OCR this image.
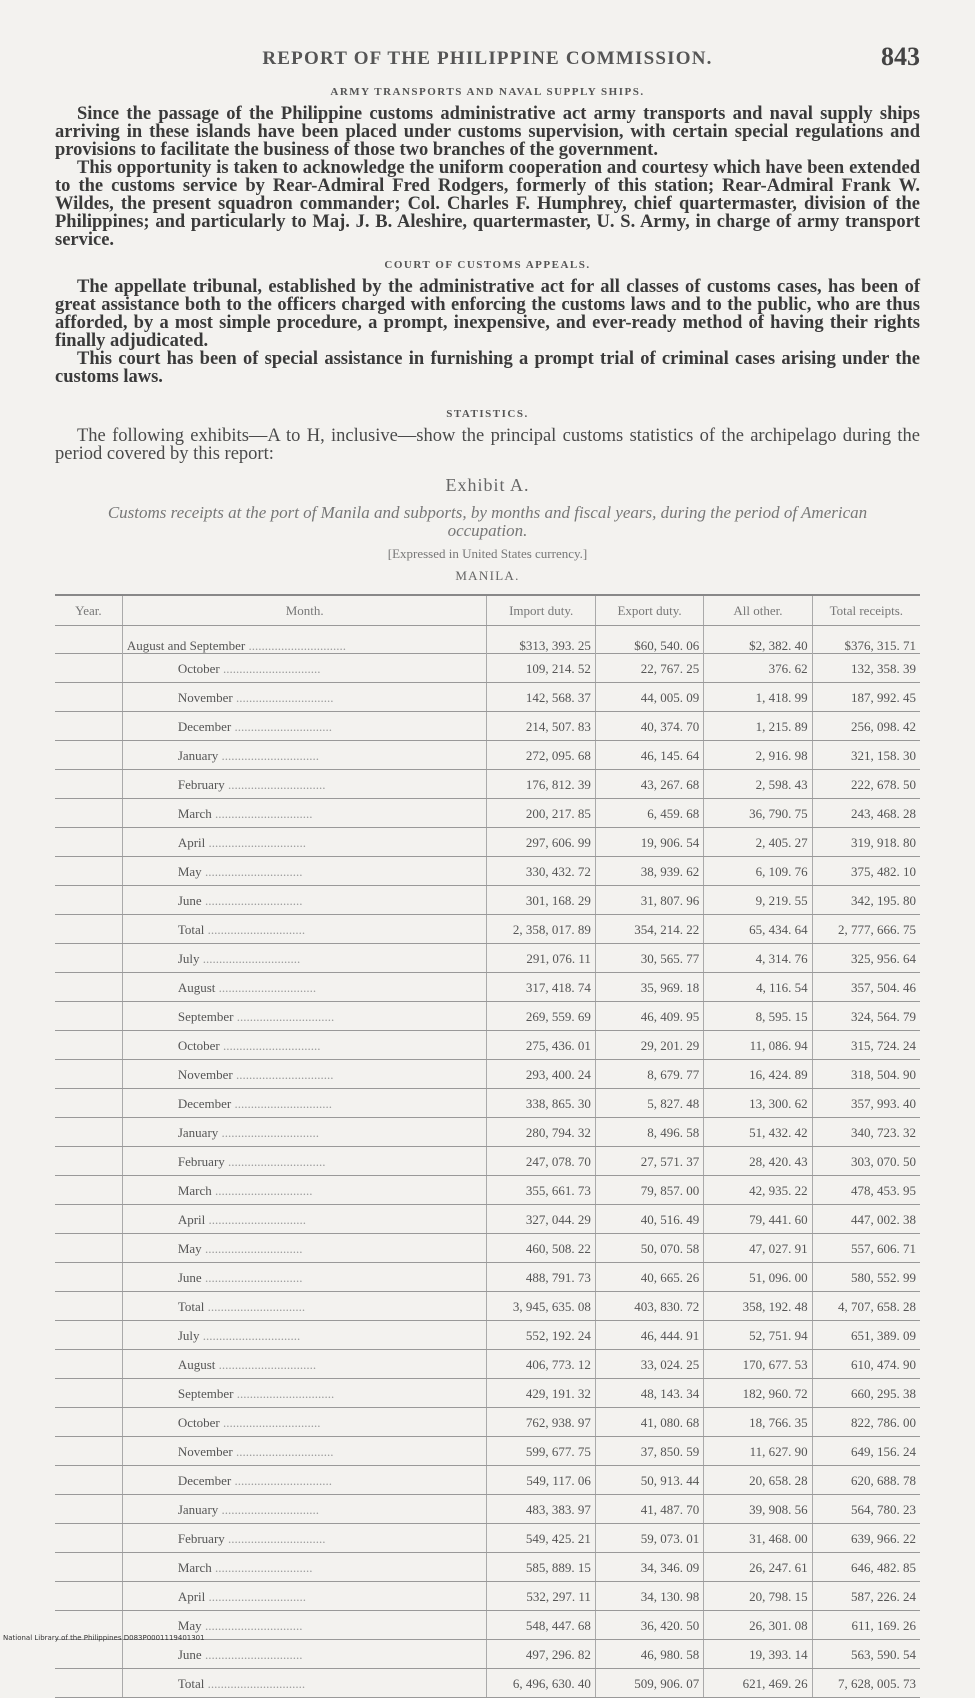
REPORT OF THE PHILIPPINE COMMISSION.	843
ARMY TRANSPORTS AND NAVAL SUPPLY SHIPS.

Since the passage of the Philippine customs administrative act army transports and naval supply ships arriving in these islands have been placed under customs supervision, with certain special regulations and provisions to facilitate the business of those two branches of the government.

This opportunity is taken to acknowledge the uniform cooperation and courtesy which have been extended to the customs service by Rear-Admiral Fred Rodgers, formerly of this station; Rear-Admiral Frank W. Wildes, the present squadron commander; Col. Charles F. Humphrey, chief quartermaster, division of the Philippines; and particularly to Maj. J. B. Aleshire, quartermaster, U. S. Army, in charge of army transport service.

COURT OF CUSTOMS APPEALS.

The appellate tribunal, established by the administrative act for all classes of customs cases, has been of great assistance both to the officers charged with enforcing the customs laws and to the public, who are thus afforded, by a most simple procedure, a prompt, inexpensive, and ever-ready method of having their rights finally adjudicated.

This court has been of special assistance in furnishing a prompt trial of criminal cases arising under the customs laws.

STATISTICS.

The following exhibits—A to H, inclusive—show the principal customs statistics of the archipelago during the period covered by this report:

Exhibit A.
Customs receipts at the port of Manila and subports, by months and fiscal years, during the period of American occupation.
[Expressed in United States currency.]
MANILA.
Year.	Month.	Import duty.	Export duty.	All other.	Total receipts.
	August and September ..............................	$313, 393. 25	$60, 540. 06	$2, 382. 40	$376, 315. 71
	October ..............................	109, 214. 52	22, 767. 25	376. 62	132, 358. 39
	November ..............................	142, 568. 37	44, 005. 09	1, 418. 99	187, 992. 45
	December ..............................	214, 507. 83	40, 374. 70	1, 215. 89	256, 098. 42
	January ..............................	272, 095. 68	46, 145. 64	2, 916. 98	321, 158. 30
	February ..............................	176, 812. 39	43, 267. 68	2, 598. 43	222, 678. 50
	March ..............................	200, 217. 85	6, 459. 68	36, 790. 75	243, 468. 28
	April ..............................	297, 606. 99	19, 906. 54	2, 405. 27	319, 918. 80
	May ..............................	330, 432. 72	38, 939. 62	6, 109. 76	375, 482. 10
	June ..............................	301, 168. 29	31, 807. 96	9, 219. 55	342, 195. 80
	Total ..............................	2, 358, 017. 89	354, 214. 22	65, 434. 64	2, 777, 666. 75
	July ..............................	291, 076. 11	30, 565. 77	4, 314. 76	325, 956. 64
	August ..............................	317, 418. 74	35, 969. 18	4, 116. 54	357, 504. 46
	September ..............................	269, 559. 69	46, 409. 95	8, 595. 15	324, 564. 79
	October ..............................	275, 436. 01	29, 201. 29	11, 086. 94	315, 724. 24
	November ..............................	293, 400. 24	8, 679. 77	16, 424. 89	318, 504. 90
	December ..............................	338, 865. 30	5, 827. 48	13, 300. 62	357, 993. 40
	January ..............................	280, 794. 32	8, 496. 58	51, 432. 42	340, 723. 32
	February ..............................	247, 078. 70	27, 571. 37	28, 420. 43	303, 070. 50
	March ..............................	355, 661. 73	79, 857. 00	42, 935. 22	478, 453. 95
	April ..............................	327, 044. 29	40, 516. 49	79, 441. 60	447, 002. 38
	May ..............................	460, 508. 22	50, 070. 58	47, 027. 91	557, 606. 71
	June ..............................	488, 791. 73	40, 665. 26	51, 096. 00	580, 552. 99
	Total ..............................	3, 945, 635. 08	403, 830. 72	358, 192. 48	4, 707, 658. 28
	July ..............................	552, 192. 24	46, 444. 91	52, 751. 94	651, 389. 09
	August ..............................	406, 773. 12	33, 024. 25	170, 677. 53	610, 474. 90
	September ..............................	429, 191. 32	48, 143. 34	182, 960. 72	660, 295. 38
	October ..............................	762, 938. 97	41, 080. 68	18, 766. 35	822, 786. 00
	November ..............................	599, 677. 75	37, 850. 59	11, 627. 90	649, 156. 24
	December ..............................	549, 117. 06	50, 913. 44	20, 658. 28	620, 688. 78
	January ..............................	483, 383. 97	41, 487. 70	39, 908. 56	564, 780. 23
	February ..............................	549, 425. 21	59, 073. 01	31, 468. 00	639, 966. 22
	March ..............................	585, 889. 15	34, 346. 09	26, 247. 61	646, 482. 85
	April ..............................	532, 297. 11	34, 130. 98	20, 798. 15	587, 226. 24
	May ..............................	548, 447. 68	36, 420. 50	26, 301. 08	611, 169. 26
	June ..............................	497, 296. 82	46, 980. 58	19, 393. 14	563, 590. 54
	Total ..............................	6, 496, 630. 40	509, 906. 07	621, 469. 26	7, 628, 005. 73
National Library of the Philippines D083P0001119401301
